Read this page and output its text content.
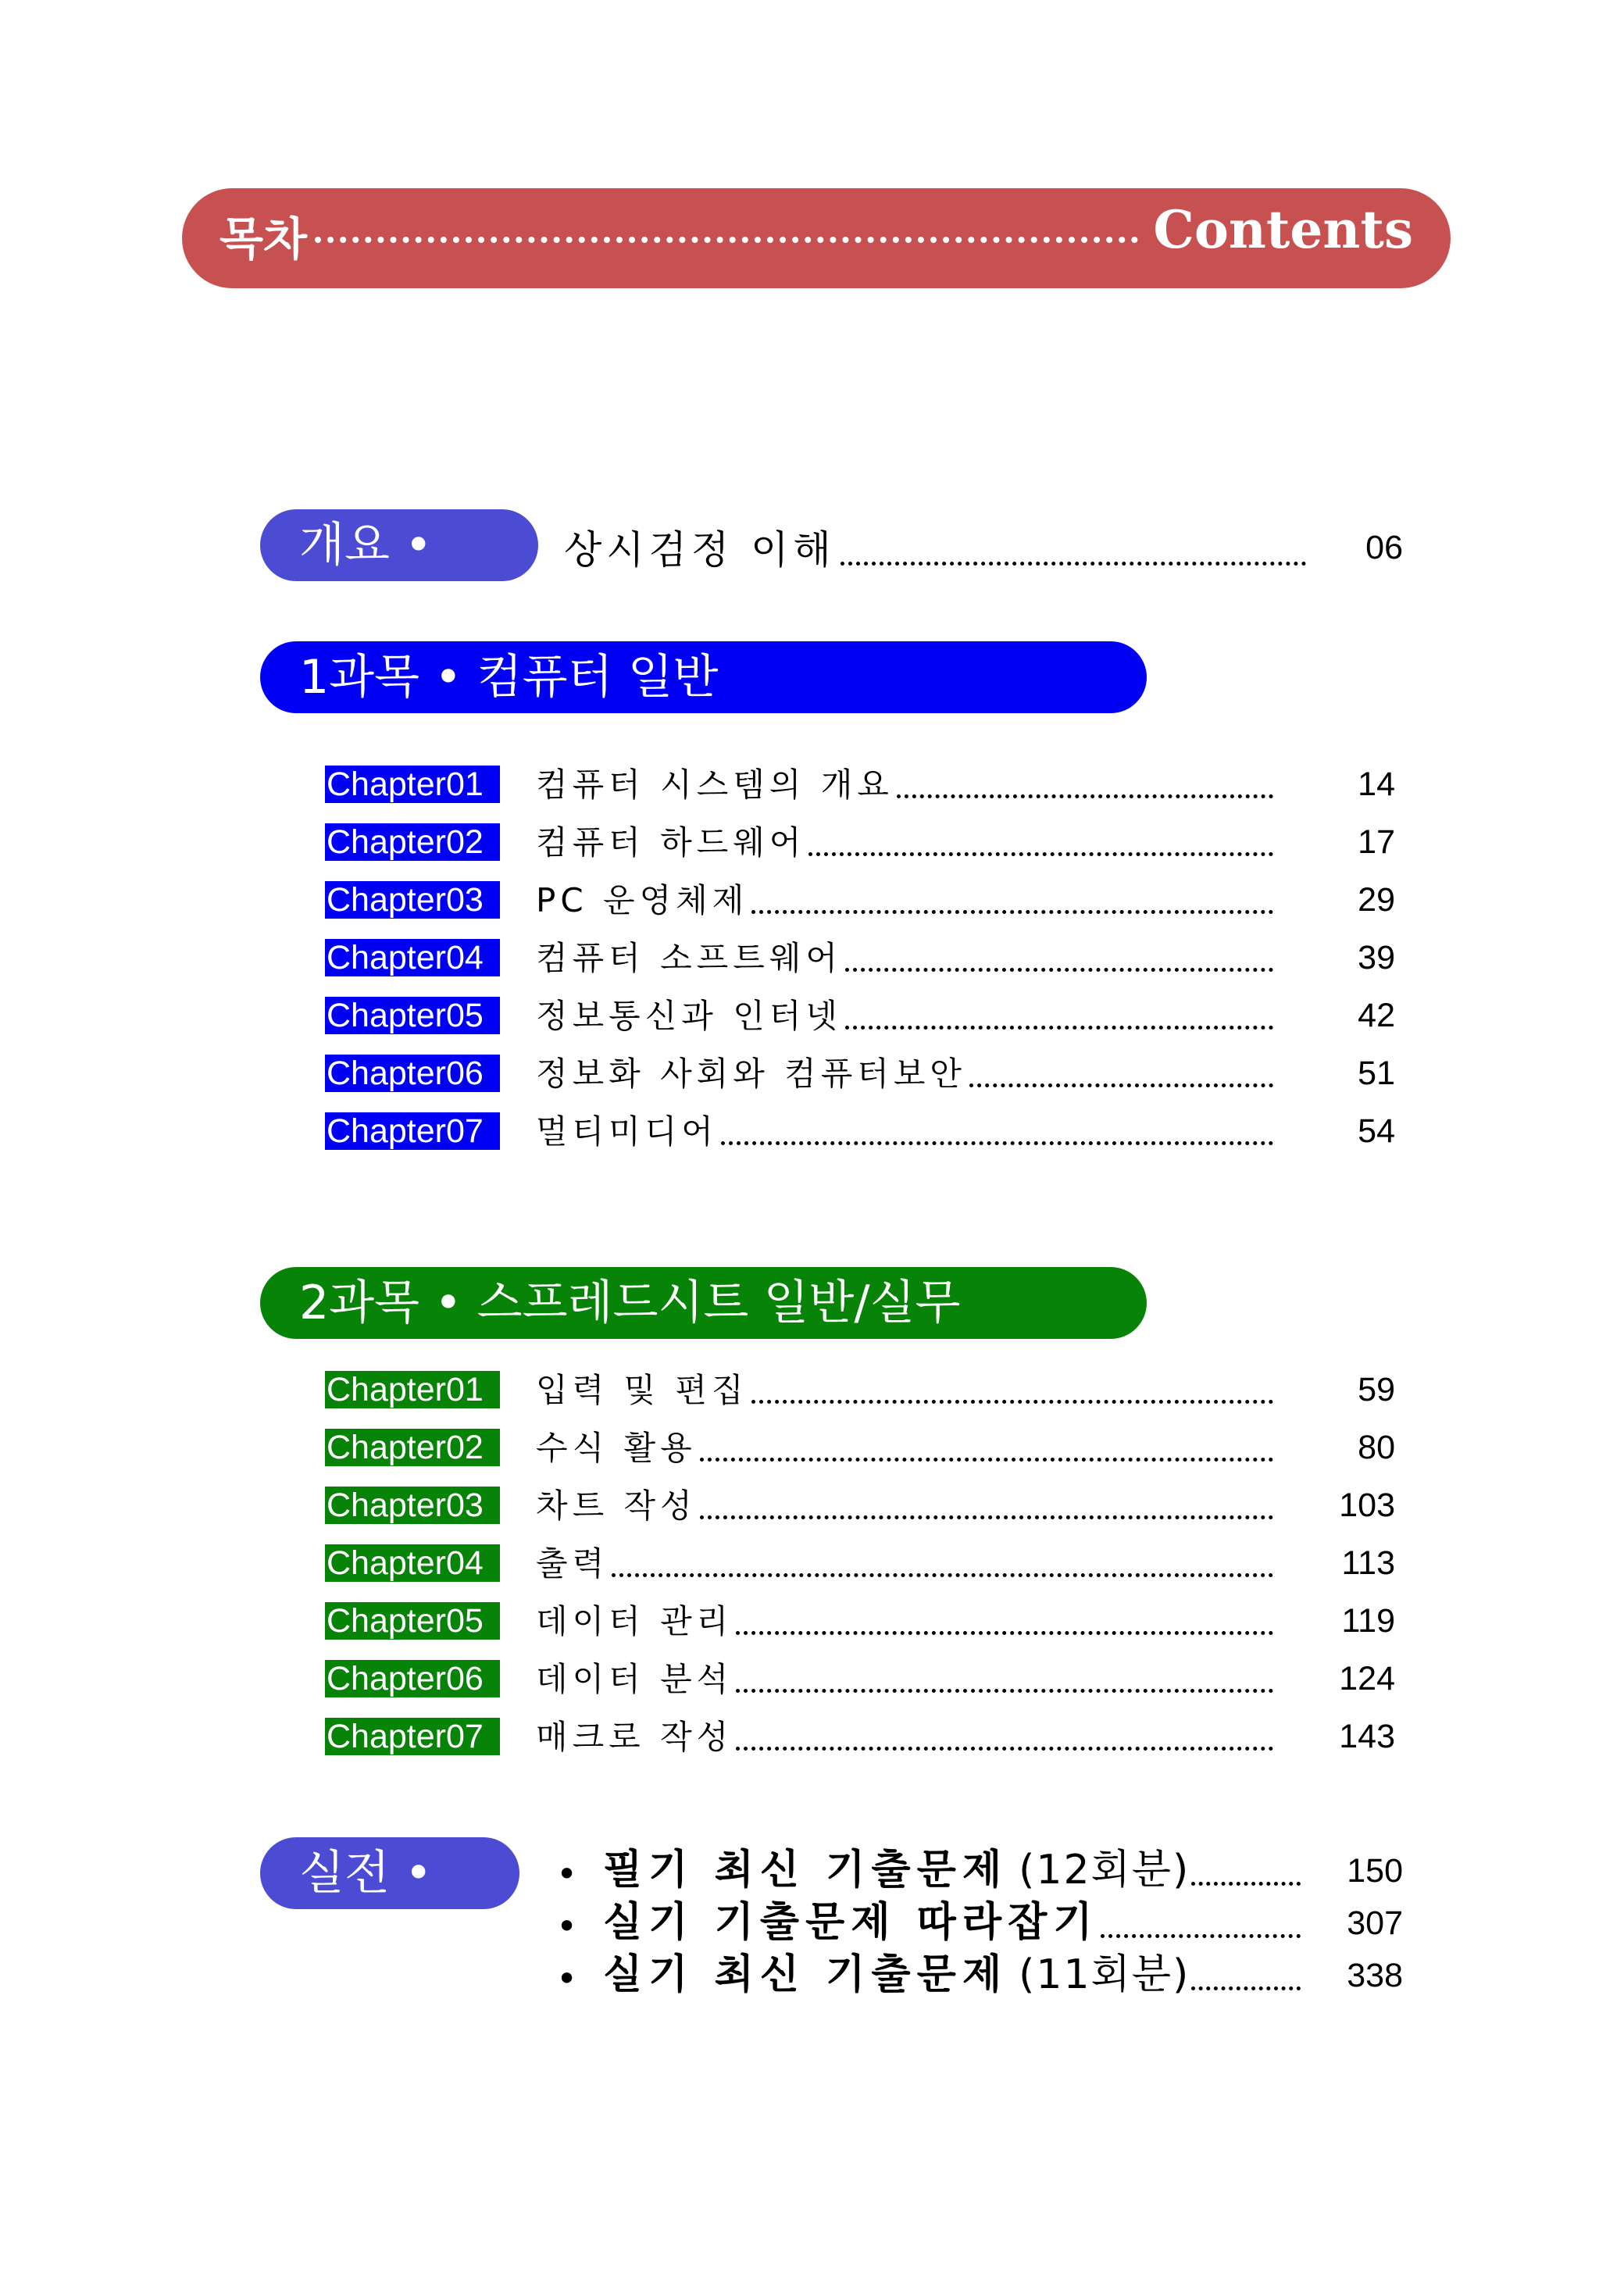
목차	Contents
개요 •	상시검정 이해	06
1과목 • 컴퓨터 일반
Chapter01	컴퓨터 시스템의 개요	14
Chapter02	컴퓨터 하드웨어	17
Chapter03	PC 운영체제	29
Chapter04	컴퓨터 소프트웨어	39
Chapter05	정보통신과 인터넷	42
Chapter06	정보화 사회와 컴퓨터보안	51
Chapter07	멀티미디어	54
2과목 • 스프레드시트 일반/실무
Chapter01	입력 및 편집	59
Chapter02	수식 활용	80
Chapter03	차트 작성	103
Chapter04	출력	113
Chapter05	데이터 관리	119
Chapter06	데이터 분석	124
Chapter07	매크로 작성	143
실전 •	• 필기 최신 기출문제 (12회분)	150
• 실기 기출문제 따라잡기	307
• 실기 최신 기출문제 (11회분)	338
